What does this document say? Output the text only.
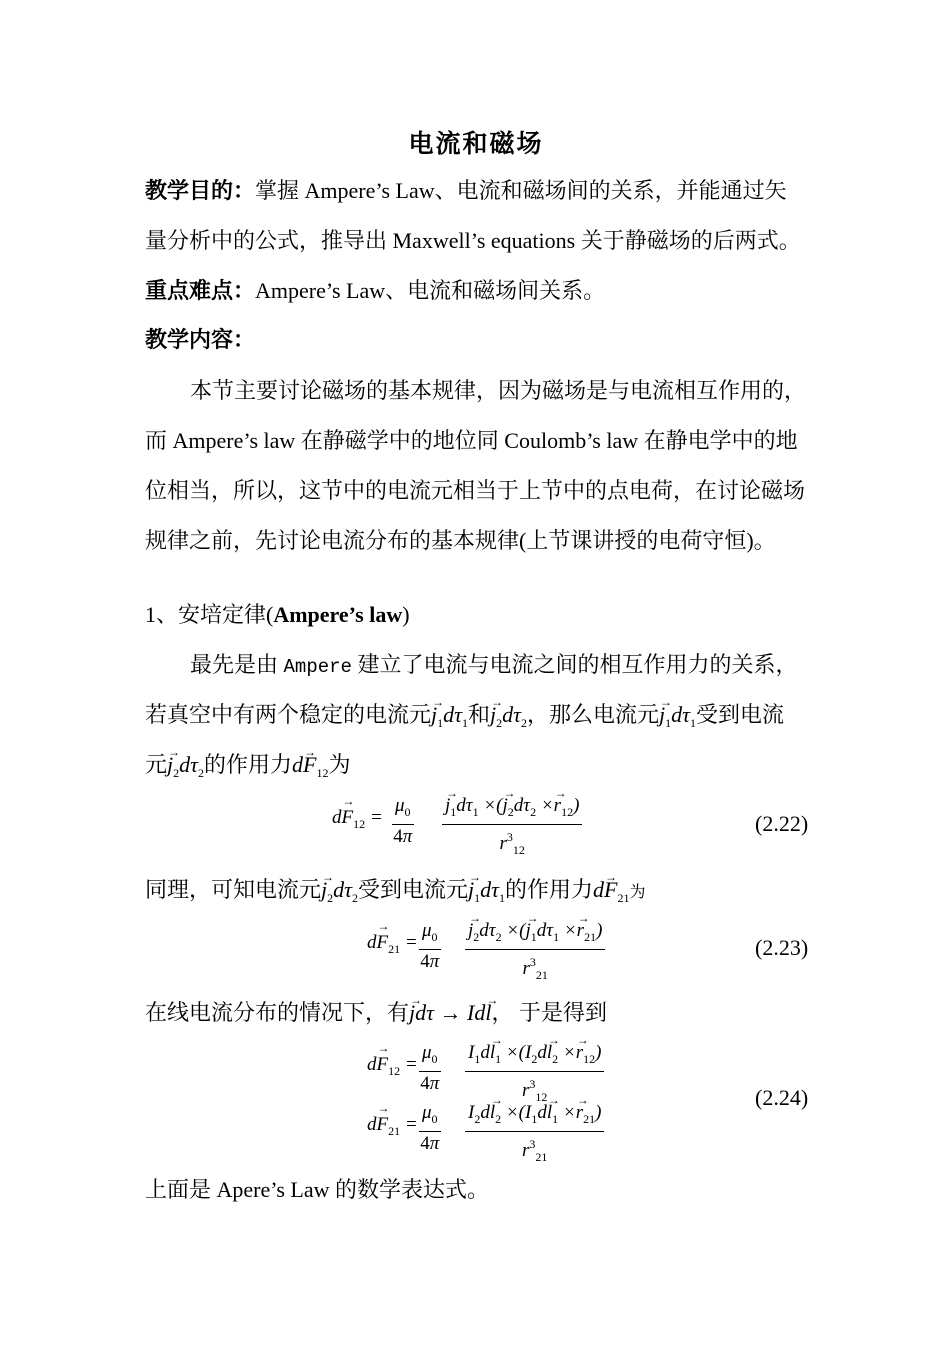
电流和磁场
教学目的：掌握 Ampere’s Law、电流和磁场间的关系，并能通过矢
量分析中的公式，推导出 Maxwell’s equations 关于静磁场的后两式。
重点难点：Ampere’s Law、电流和磁场间关系。
教学内容：
本节主要讨论磁场的基本规律，因为磁场是与电流相互作用的，
而 Ampere’s law 在静磁学中的地位同 Coulomb’s law 在静电学中的地
位相当，所以，这节中的电流元相当于上节中的点电荷，在讨论磁场
规律之前，先讨论电流分布的基本规律(上节课讲授的电荷守恒)。
1、安培定律(Ampere’s law)
最先是由 Ampere 建立了电流与电流之间的相互作用力的关系，
若真空中有两个稳定的电流元→ $j_1d\tau_1$和→ $j_2d\tau_2$，那么电流元→ $j_1d\tau_1$受到电流
元→ $j_2d\tau_2$的作用力$d\to F_{12}$为
$d\to F_{12} = \frac{\mu_0}{4\pi}$
→ $\frac{j_1d\tau_1 \times(\to j_2d\tau_2 \times\to r_{12})}{r^3_{12}}$	(2.22)
同理，可知电流元→ $j_2d\tau_2$受到电流元→ $j_1d\tau_1$的作用力$d\to F_{21}$为
$d\to F_{21} = \frac{\mu_0}{4\pi}$
→ $\frac{j_2d\tau_2 \times(\to j_1d\tau_1 \times\to r_{21})}{r^3_{21}}$	(2.23)
在线电流分布的情况下，有→ jdτ → Id→ l， 于是得到
$d\to F_{12} = \frac{\mu_0}{4\pi} \frac{I_1d\to l_1 \times(I_2d\to l_2 \times\to r_{12})}{r^3_{12}}$
$d\to F_{21} = \frac{\mu_0}{4\pi} \frac{I_2d\to l_2 \times(I_1d\to l_1 \times\to r_{21})}{r^3_{21}}$
(2.24)
上面是 Apere’s Law 的数学表达式。
